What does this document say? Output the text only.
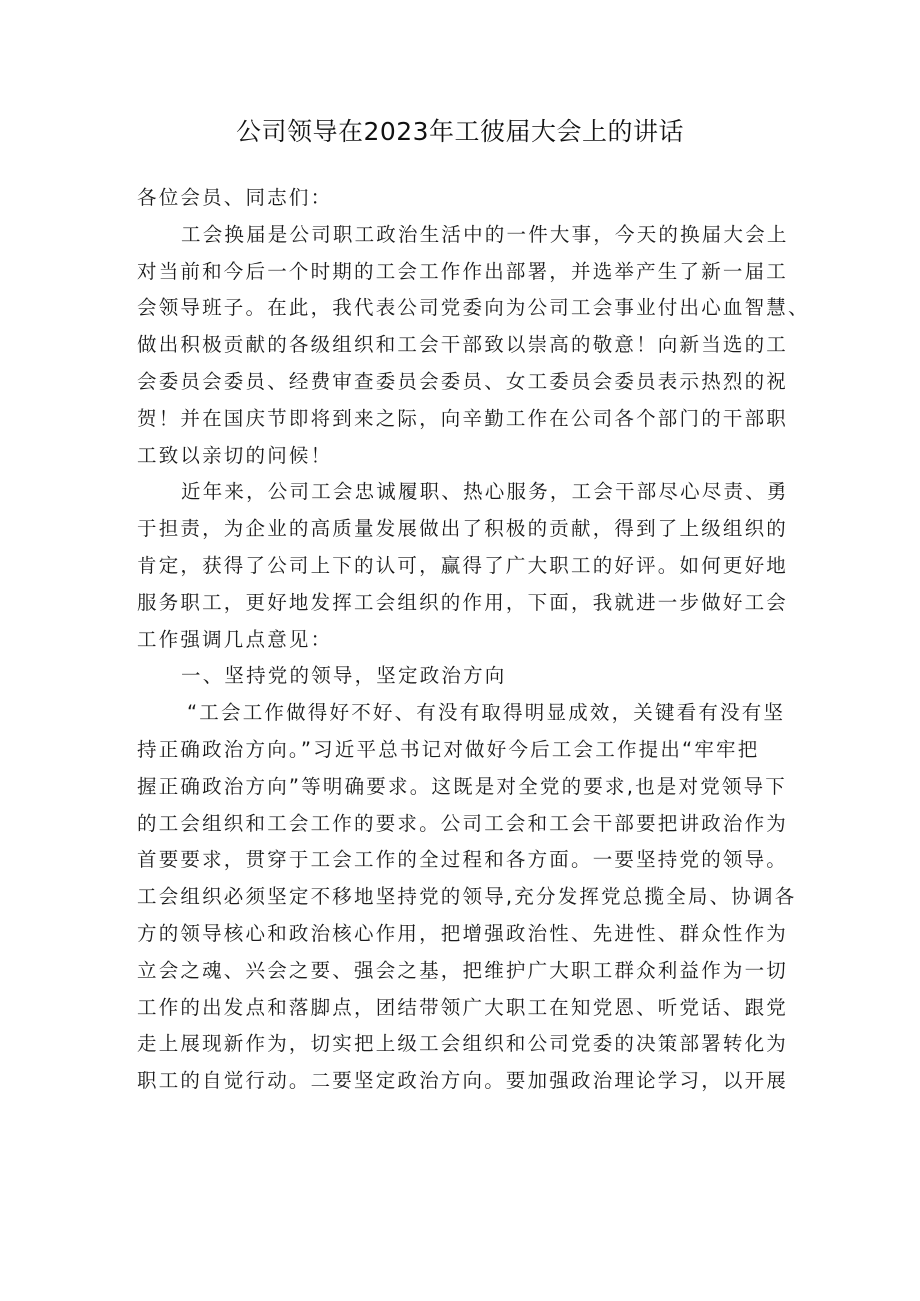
公司领导在2023年工彼届大会上的讲话
各位会员、同志们：
工会换届是公司职工政治生活中的一件大事，今天的换届大会上
对当前和今后一个时期的工会工作作出部署，并选举产生了新一届工
会领导班子。在此，我代表公司党委向为公司工会事业付出心血智慧、
做出积极贡献的各级组织和工会干部致以崇高的敬意！向新当选的工
会委员会委员、经费审查委员会委员、女工委员会委员表示热烈的祝
贺！并在国庆节即将到来之际，向辛勤工作在公司各个部门的干部职
工致以亲切的问候！
近年来，公司工会忠诚履职、热心服务，工会干部尽心尽责、勇
于担责，为企业的高质量发展做出了积极的贡献，得到了上级组织的
肯定，获得了公司上下的认可，赢得了广大职工的好评。如何更好地
服务职工，更好地发挥工会组织的作用，下面，我就进一步做好工会
工作强调几点意见：
一、坚持党的领导，坚定政治方向
“工会工作做得好不好、有没有取得明显成效，关键看有没有坚
持正确政治方向。”习近平总书记对做好今后工会工作提出“牢牢把
握正确政治方向”等明确要求。这既是对全党的要求,也是对党领导下
的工会组织和工会工作的要求。公司工会和工会干部要把讲政治作为
首要要求，贯穿于工会工作的全过程和各方面。一要坚持党的领导。
工会组织必须坚定不移地坚持党的领导,充分发挥党总揽全局、协调各
方的领导核心和政治核心作用，把增强政治性、先进性、群众性作为
立会之魂、兴会之要、强会之基，把维护广大职工群众利益作为一切
工作的出发点和落脚点，团结带领广大职工在知党恩、听党话、跟党
走上展现新作为，切实把上级工会组织和公司党委的决策部署转化为
职工的自觉行动。二要坚定政治方向。要加强政治理论学习，以开展
